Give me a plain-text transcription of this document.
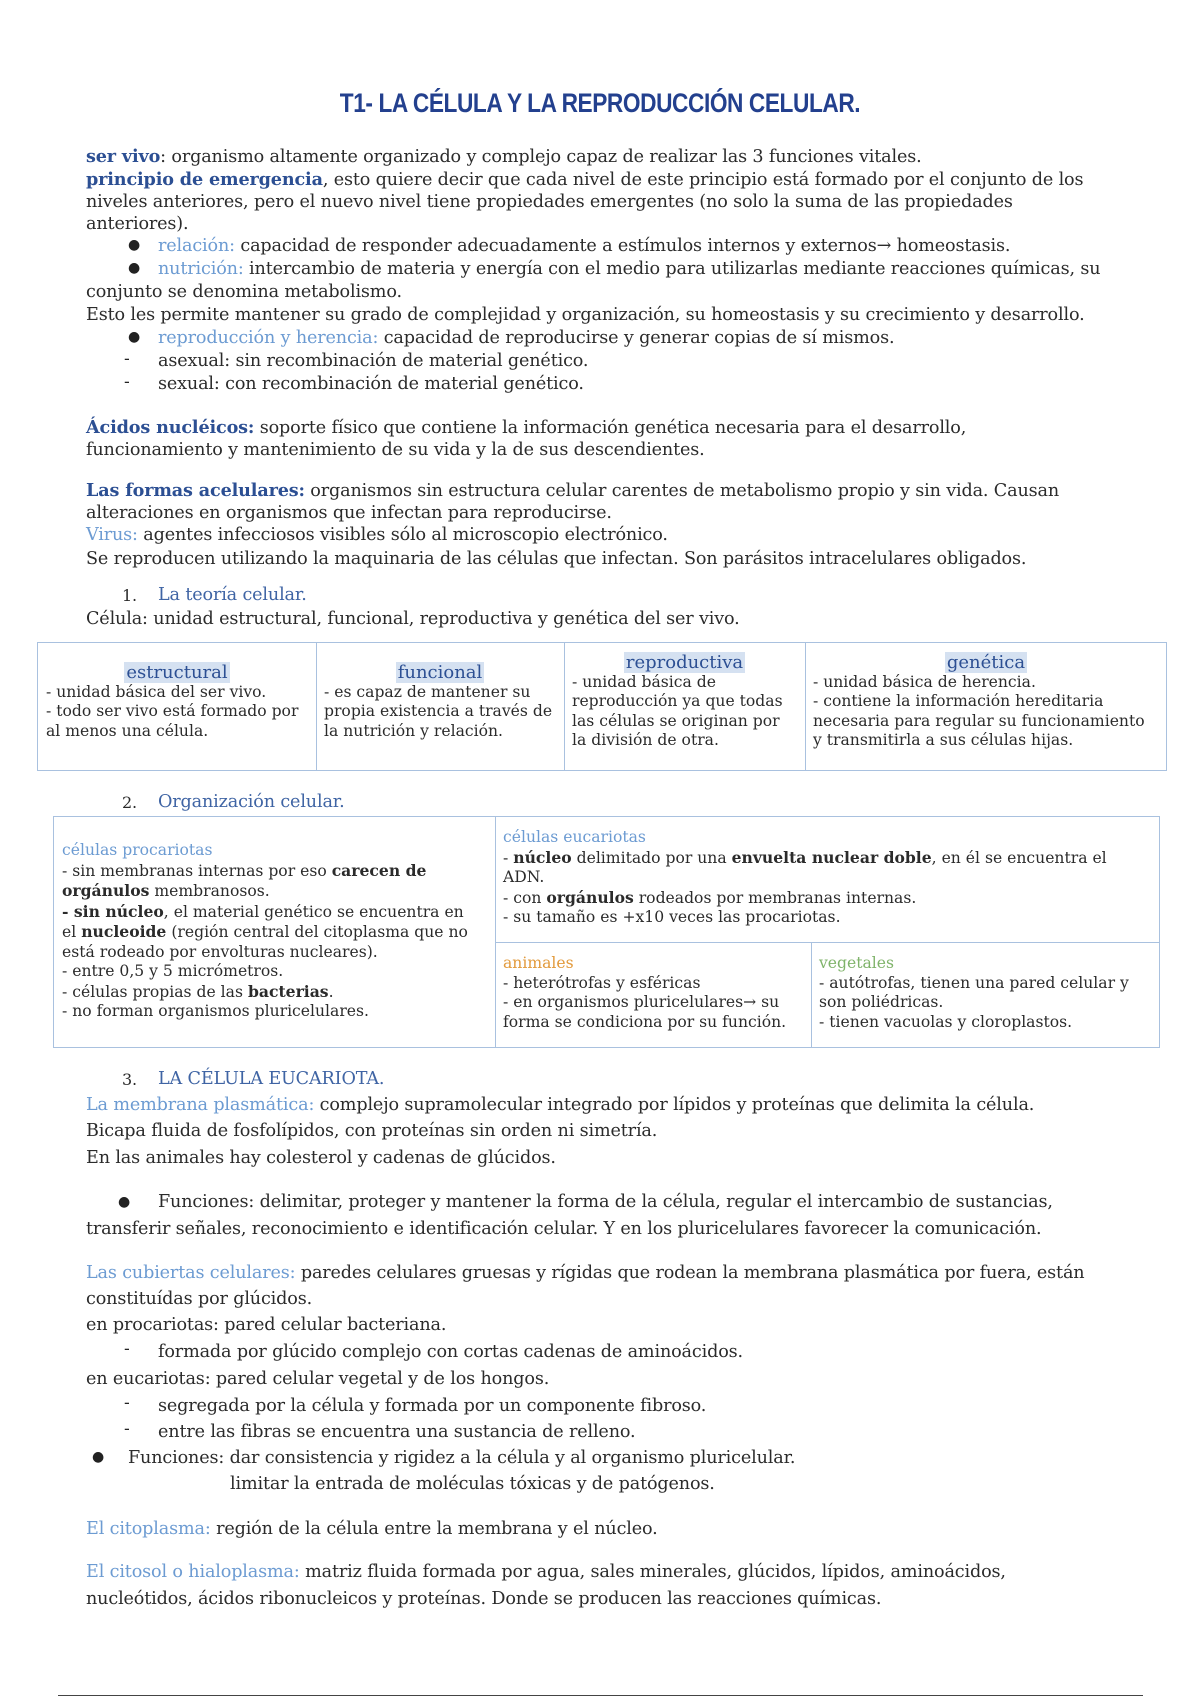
T1- LA CÉLULA Y LA REPRODUCCIÓN CELULAR.
ser vivo: organismo altamente organizado y complejo capaz de realizar las 3 funciones vitales.
principio de emergencia, esto quiere decir que cada nivel de este principio está formado por el conjunto de los
niveles anteriores, pero el nuevo nivel tiene propiedades emergentes (no solo la suma de las propiedades
anteriores).
● relación: capacidad de responder adecuadamente a estímulos internos y externos→ homeostasis.
● nutrición: intercambio de materia y energía con el medio para utilizarlas mediante reacciones químicas, su
conjunto se denomina metabolismo.
Esto les permite mantener su grado de complejidad y organización, su homeostasis y su crecimiento y desarrollo.
● reproducción y herencia: capacidad de reproducirse y generar copias de sí mismos.
- asexual: sin recombinación de material genético.
- sexual: con recombinación de material genético.
Ácidos nucléicos: soporte físico que contiene la información genética necesaria para el desarrollo,
funcionamiento y mantenimiento de su vida y la de sus descendientes.
Las formas acelulares: organismos sin estructura celular carentes de metabolismo propio y sin vida. Causan
alteraciones en organismos que infectan para reproducirse.
Virus: agentes infecciosos visibles sólo al microscopio electrónico.
Se reproducen utilizando la maquinaria de las células que infectan. Son parásitos intracelulares obligados.
1. La teoría celular.
Célula: unidad estructural, funcional, reproductiva y genética del ser vivo.
estructural
- unidad básica del ser vivo.
- todo ser vivo está formado por
al menos una célula.
funcional
- es capaz de mantener su
propia existencia a través de
la nutrición y relación.
reproductiva
- unidad básica de
reproducción ya que todas
las células se originan por
la división de otra.
genética
- unidad básica de herencia.
- contiene la información hereditaria
necesaria para regular su funcionamiento
y transmitirla a sus células hijas.
2. Organización celular.
células procariotas
- sin membranas internas por eso carecen de
orgánulos membranosos.
- sin núcleo, el material genético se encuentra en
el nucleoide (región central del citoplasma que no
está rodeado por envolturas nucleares).
- entre 0,5 y 5 micrómetros.
- células propias de las bacterias.
- no forman organismos pluricelulares.
células eucariotas
- núcleo delimitado por una envuelta nuclear doble, en él se encuentra el
ADN.
- con orgánulos rodeados por membranas internas.
- su tamaño es +x10 veces las procariotas.
animales
- heterótrofas y esféricas
- en organismos pluricelulares→ su
forma se condiciona por su función.
vegetales
- autótrofas, tienen una pared celular y
son poliédricas.
- tienen vacuolas y cloroplastos.
3. LA CÉLULA EUCARIOTA.
La membrana plasmática: complejo supramolecular integrado por lípidos y proteínas que delimita la célula.
Bicapa fluida de fosfolípidos, con proteínas sin orden ni simetría.
En las animales hay colesterol y cadenas de glúcidos.
● Funciones: delimitar, proteger y mantener la forma de la célula, regular el intercambio de sustancias,
transferir señales, reconocimiento e identificación celular. Y en los pluricelulares favorecer la comunicación.
Las cubiertas celulares: paredes celulares gruesas y rígidas que rodean la membrana plasmática por fuera, están
constituídas por glúcidos.
en procariotas: pared celular bacteriana.
- formada por glúcido complejo con cortas cadenas de aminoácidos.
en eucariotas: pared celular vegetal y de los hongos.
- segregada por la célula y formada por un componente fibroso.
- entre las fibras se encuentra una sustancia de relleno.
● Funciones: dar consistencia y rigidez a la célula y al organismo pluricelular.
limitar la entrada de moléculas tóxicas y de patógenos.
El citoplasma: región de la célula entre la membrana y el núcleo.
El citosol o hialoplasma: matriz fluida formada por agua, sales minerales, glúcidos, lípidos, aminoácidos,
nucleótidos, ácidos ribonucleicos y proteínas. Donde se producen las reacciones químicas.
